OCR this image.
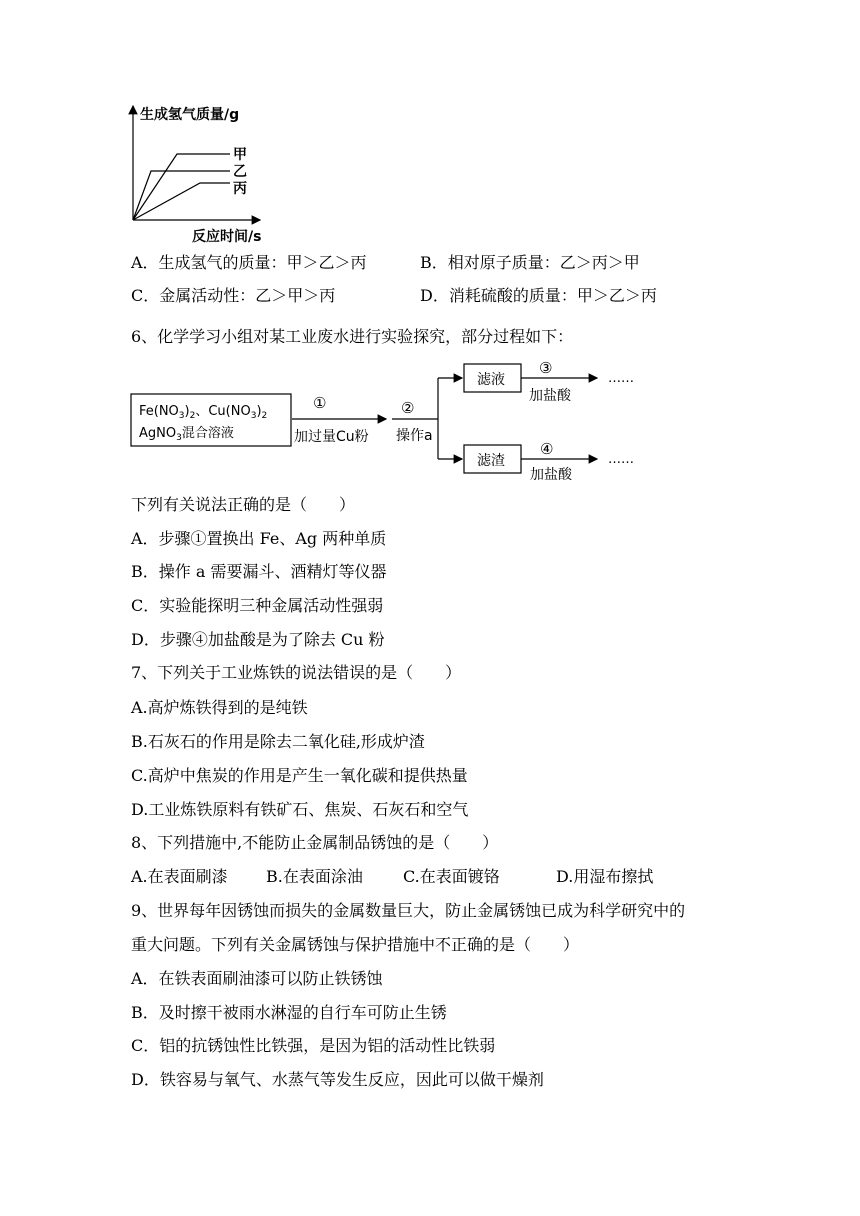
生成氢气质量/g
反应时间/s
甲
乙
丙
A．生成氢气的质量：甲＞乙＞丙	B．相对原子质量：乙＞丙＞甲
C．金属活动性：乙＞甲＞丙	D．消耗硫酸的质量：甲＞乙＞丙
6、化学学习小组对某工业废水进行实验探究，部分过程如下：
$Fe(NO_3)_2$、$Cu(NO_3)_2$
AgNO$_3$混合溶液
①
加过量Cu粉
②
操作a
滤液
滤渣
③
加盐酸
……
④
加盐酸
……
下列有关说法正确的是（　　）
A．步骤①置换出 Fe、Ag 两种单质
B．操作 a 需要漏斗、酒精灯等仪器
C．实验能探明三种金属活动性强弱
D．步骤④加盐酸是为了除去 Cu 粉
7、下列关于工业炼铁的说法错误的是（　　）
A.高炉炼铁得到的是纯铁
B.石灰石的作用是除去二氧化硅,形成炉渣
C.高炉中焦炭的作用是产生一氧化碳和提供热量
D.工业炼铁原料有铁矿石、焦炭、石灰石和空气
8、下列措施中,不能防止金属制品锈蚀的是（　　）
A.在表面刷漆 B.在表面涂油	C.在表面镀铬	D.用湿布擦拭
9、世界每年因锈蚀而损失的金属数量巨大，防止金属锈蚀已成为科学研究中的
重大问题。下列有关金属锈蚀与保护措施中不正确的是（　　）
A．在铁表面刷油漆可以防止铁锈蚀
B．及时擦干被雨水淋湿的自行车可防止生锈
C．铝的抗锈蚀性比铁强，是因为铝的活动性比铁弱
D．铁容易与氧气、水蒸气等发生反应，因此可以做干燥剂
